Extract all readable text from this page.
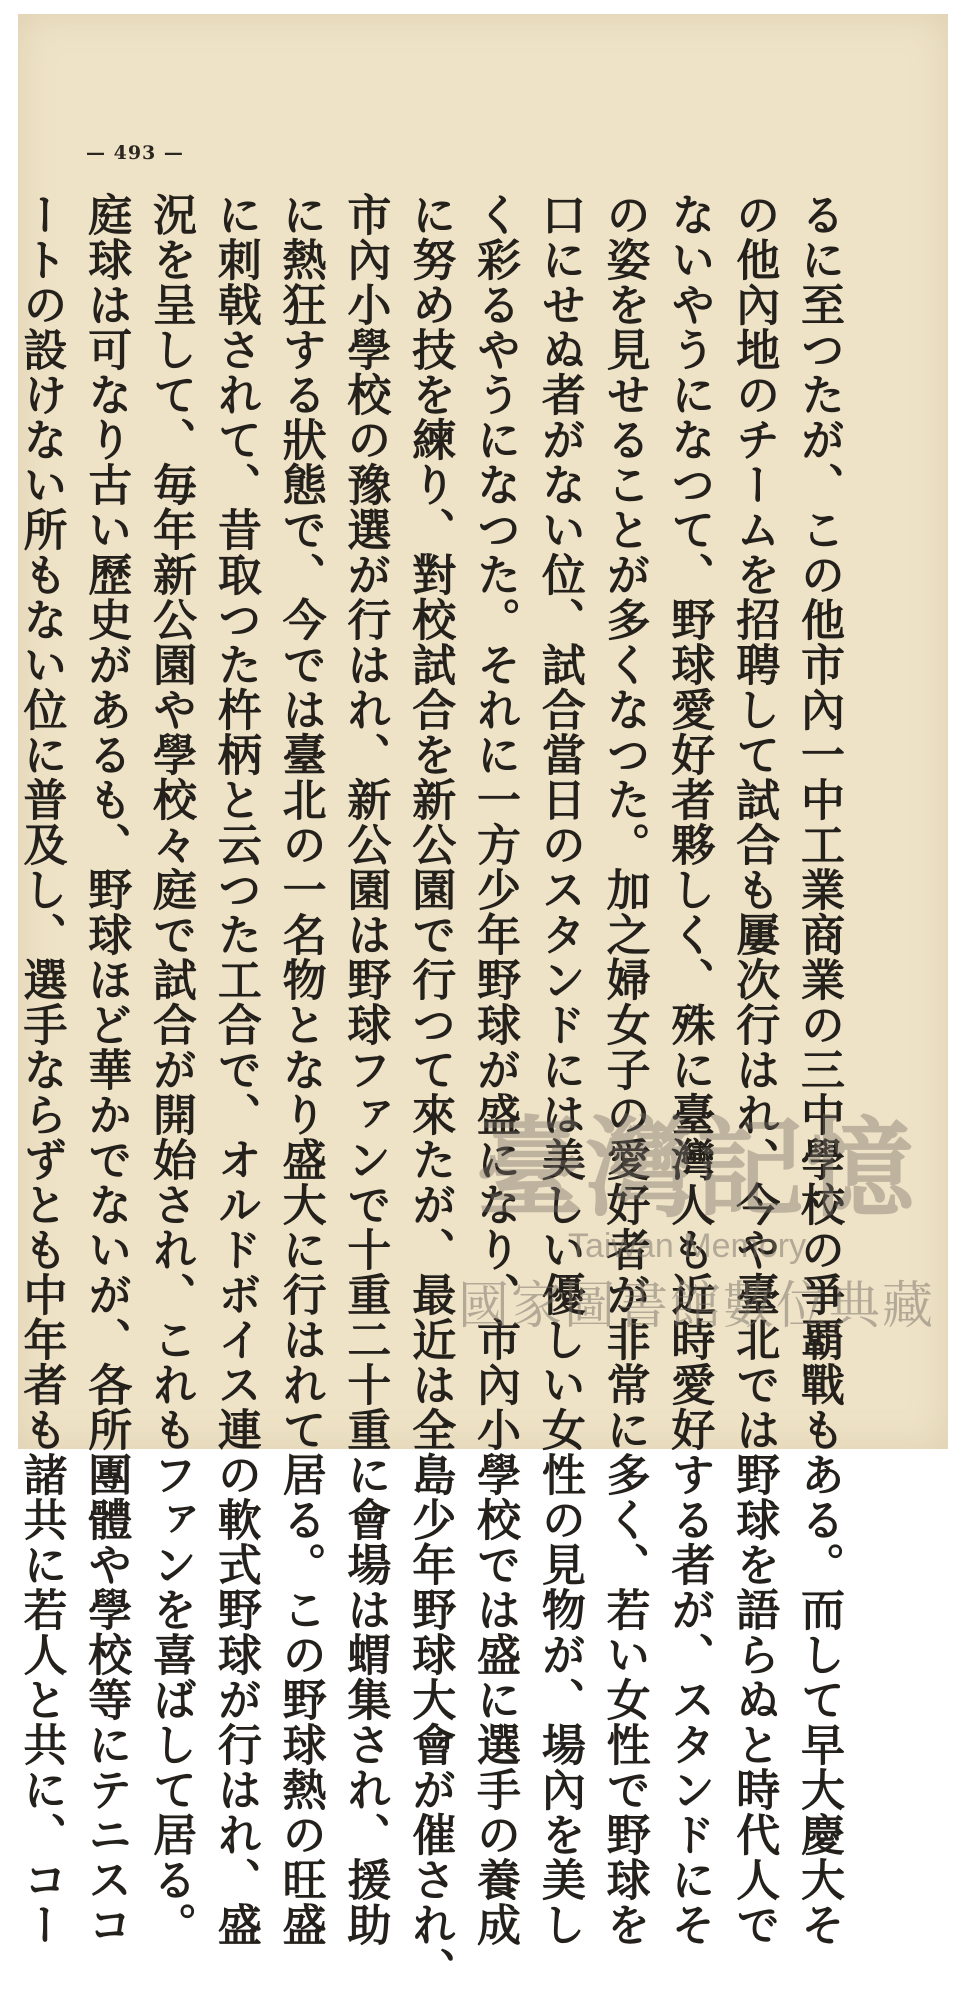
— 493 —
るに至つたが、この他市內一中工業商業の三中學校の爭覇戰もある。而して早大慶大そ
の他內地のチームを招聘して試合も屢次行はれ、今や臺北では野球を語らぬと時代人で
ないやうになつて、野球愛好者夥しく、殊に臺灣人も近時愛好する者が、スタンドにそ
の姿を見せることが多くなつた。加之婦女子の愛好者が非常に多く、若い女性で野球を
口にせぬ者がない位、試合當日のスタンドには美しい優しい女性の見物が、場內を美し
く彩るやうになつた。それに一方少年野球が盛になり、市內小學校では盛に選手の養成
に努め技を練り、對校試合を新公園で行つて來たが、最近は全島少年野球大會が催され、
市內小學校の豫選が行はれ、新公園は野球ファンで十重二十重に會場は蝟集され、援助
に熱狂する狀態で、今では臺北の一名物となり盛大に行はれて居る。この野球熱の旺盛
に刺戟されて、昔取つた杵柄と云つた工合で、オルドボイス連の軟式野球が行はれ、盛
況を呈して、毎年新公園や學校々庭で試合が開始され、これもファンを喜ばして居る。
庭球は可なり古い歷史があるも、野球ほど華かでないが、各所團體や學校等にテニスコ
ートの設けない所もない位に普及し、選手ならずとも中年者も諸共に若人と共に、コー	臺灣記憶
Taiwan Memory
國家圖書館數位典藏
